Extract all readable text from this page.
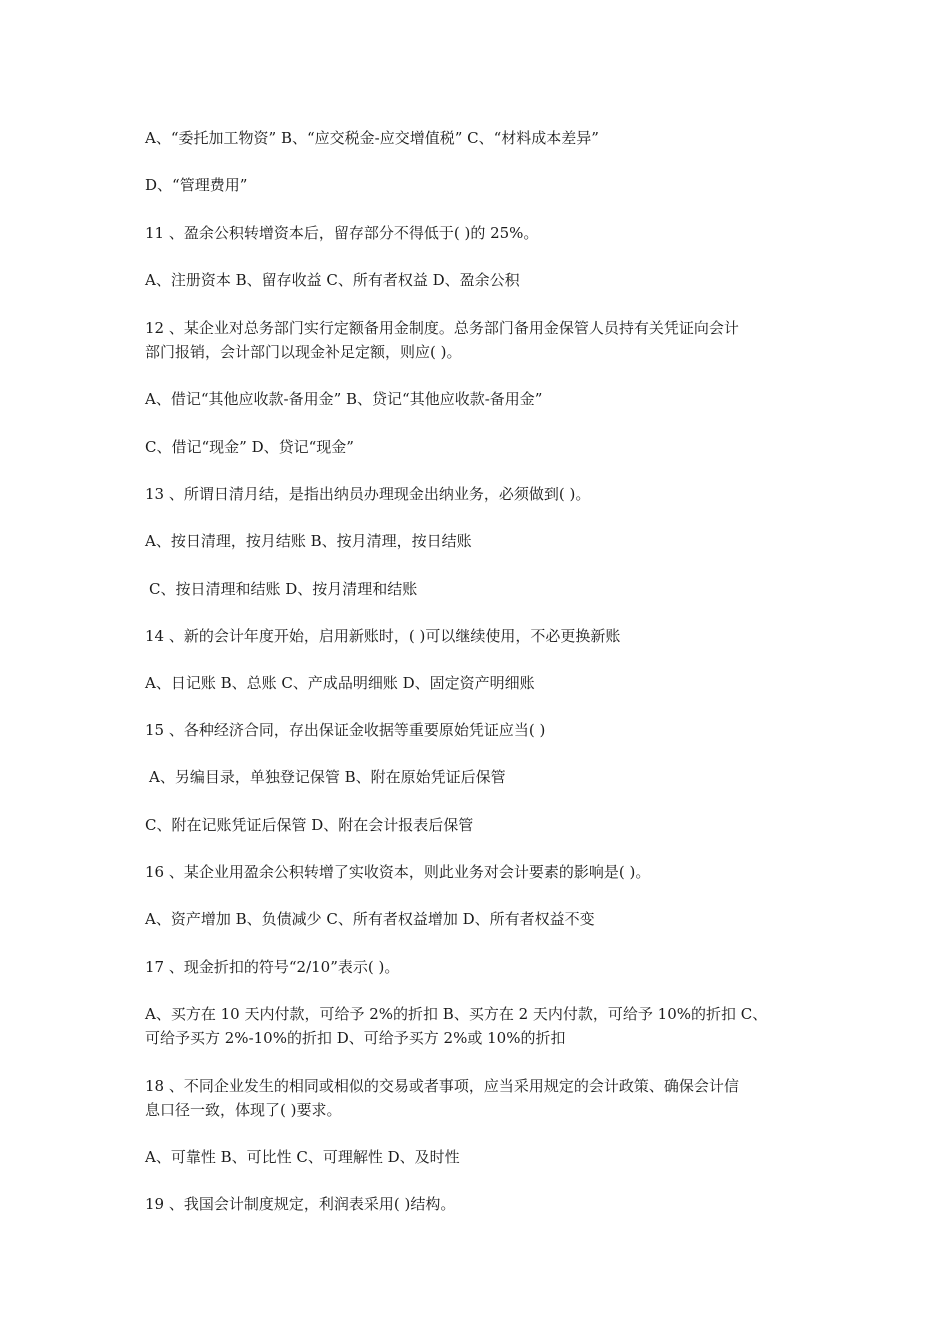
A、“委托加工物资” B、“应交税金-应交增值税” C、“材料成本差异”
D、“管理费用”
11 、盈余公积转增资本后，留存部分不得低于( )的 25%。
A、注册资本 B、留存收益 C、所有者权益 D、盈余公积
12 、某企业对总务部门实行定额备用金制度。总务部门备用金保管人员持有关凭证向会计
部门报销，会计部门以现金补足定额，则应( )。
A、借记“其他应收款-备用金” B、贷记“其他应收款-备用金”
C、借记“现金” D、贷记“现金”
13 、所谓日清月结，是指出纳员办理现金出纳业务，必须做到( )。
A、按日清理，按月结账 B、按月清理，按日结账
C、按日清理和结账 D、按月清理和结账
14 、新的会计年度开始，启用新账时，( )可以继续使用，不必更换新账
A、日记账 B、总账 C、产成品明细账 D、固定资产明细账
15 、各种经济合同，存出保证金收据等重要原始凭证应当( )
A、另编目录，单独登记保管 B、附在原始凭证后保管
C、附在记账凭证后保管 D、附在会计报表后保管
16 、某企业用盈余公积转增了实收资本，则此业务对会计要素的影响是( )。
A、资产增加 B、负债减少 C、所有者权益增加 D、所有者权益不变
17 、现金折扣的符号“2/10”表示( )。
A、买方在 10 天内付款，可给予 2%的折扣 B、买方在 2 天内付款，可给予 10%的折扣 C、
可给予买方 2%-10%的折扣 D、可给予买方 2%或 10%的折扣
18 、不同企业发生的相同或相似的交易或者事项，应当采用规定的会计政策、确保会计信
息口径一致，体现了( )要求。
A、可靠性 B、可比性 C、可理解性 D、及时性
19 、我国会计制度规定，利润表采用( )结构。
